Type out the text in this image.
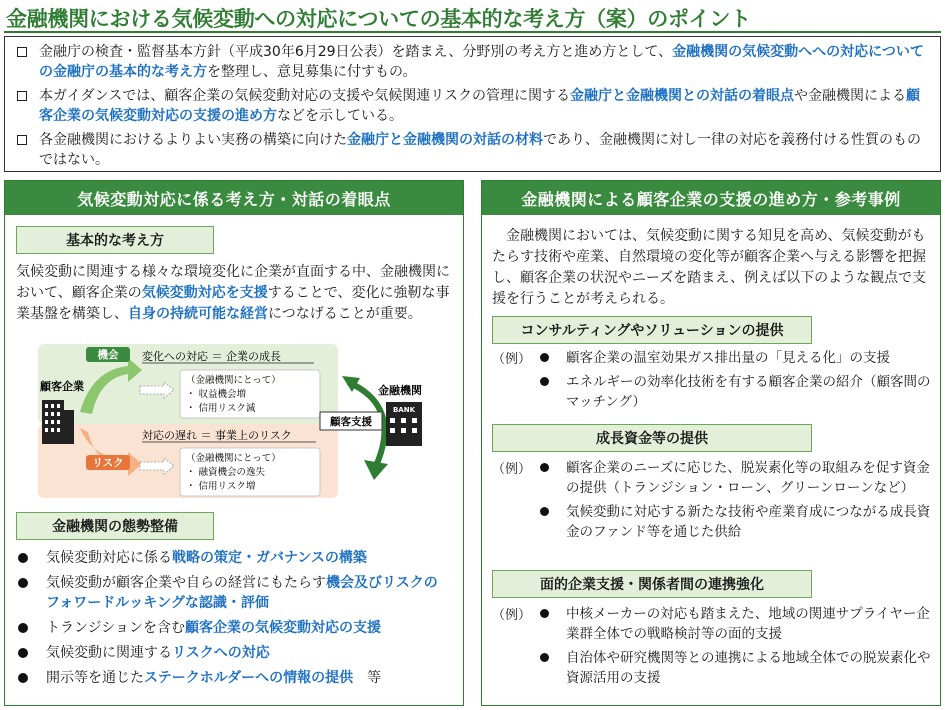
金融機関における気候変動への対応についての基本的な考え方（案）のポイント
金融庁の検査・監督基本方針（平成30年6月29日公表）を踏まえ、分野別の考え方と進め方として、金融機関の気候変動へへの対応についての金融庁の基本的な考え方を整理し、意見募集に付すもの。
本ガイダンスでは、顧客企業の気候変動対応の支援や気候関連リスクの管理に関する金融庁と金融機関との対話の着眼点や金融機関による顧客企業の気候変動対応の支援の進め方などを示している。
各金融機関におけるよりよい実務の構築に向けた金融庁と金融機関の対話の材料であり、金融機関に対し一律の対応を義務付ける性質のものではない。
気候変動対応に係る考え方・対話の着眼点
基本的な考え方
気候変動に関連する様々な環境変化に企業が直面する中、金融機関において、顧客企業の気候変動対応を支援することで、変化に強靭な事業基盤を構築し、自身の持続可能な経営につなげることが重要。
顧客企業
機会
リスク
変化への対応 ＝ 企業の成長
対応の遅れ ＝ 事業上のリスク
（金融機関にとって）
・ 収益機会増
・ 信用リスク減
（金融機関にとって）
・ 融資機会の逸失
・ 信用リスク増
顧客支援
金融機関
BANK
金融機関の態勢整備
気候変動対応に係る戦略の策定・ガバナンスの構築
気候変動が顧客企業や自らの経営にもたらす機会及びリスクのフォワードルッキングな認識・評価
トランジションを含む顧客企業の気候変動対応の支援
気候変動に関連するリスクへの対応
開示等を通じたステークホルダーへの情報の提供　等
金融機関による顧客企業の支援の進め方・参考事例
金融機関においては、気候変動に関する知見を高め、気候変動がもたらす技術や産業、自然環境の変化等が顧客企業へ与える影響を把握し、顧客企業の状況やニーズを踏まえ、例えば以下のような観点で支援を行うことが考えられる。
コンサルティングやソリューションの提供
（例）	顧客企業の温室効果ガス排出量の「見える化」の支援
エネルギーの効率化技術を有する顧客企業の紹介（顧客間のマッチング）
成長資金等の提供
（例）	顧客企業のニーズに応じた、脱炭素化等の取組みを促す資金の提供（トランジション・ローン、グリーンローンなど）
気候変動に対応する新たな技術や産業育成につながる成長資金のファンド等を通じた供給
面的企業支援・関係者間の連携強化
（例）	中核メーカーの対応も踏まえた、地域の関連サプライヤー企業群全体での戦略検討等の面的支援
自治体や研究機関等との連携による地域全体での脱炭素化や資源活用の支援
